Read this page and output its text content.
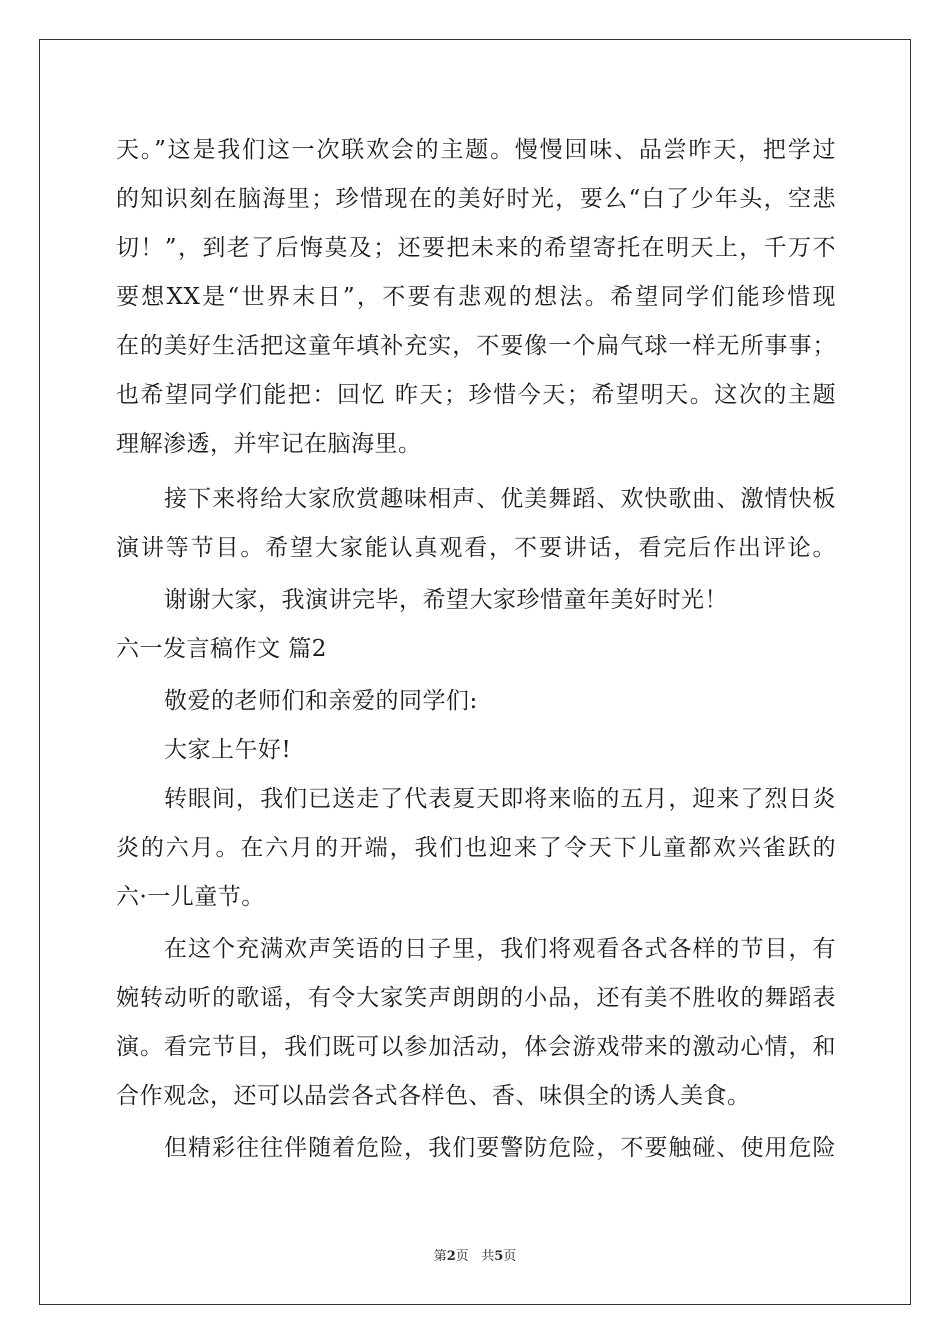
天。”这是我们这一次联欢会的主题。慢慢回味、品尝昨天，把学过
的知识刻在脑海里；珍惜现在的美好时光，要么“白了少年头，空悲
切！”，到老了后悔莫及；还要把未来的希望寄托在明天上，千万不
要想XX是“世界末日”，不要有悲观的想法。希望同学们能珍惜现
在的美好生活把这童年填补充实，不要像一个扁气球一样无所事事；
也希望同学们能把：回忆 昨天；珍惜今天；希望明天。这次的主题
理解渗透，并牢记在脑海里。
接下来将给大家欣赏趣味相声、优美舞蹈、欢快歌曲、激情快板
演讲等节目。希望大家能认真观看，不要讲话，看完后作出评论。
谢谢大家，我演讲完毕，希望大家珍惜童年美好时光！
六一发言稿作文 篇2
敬爱的老师们和亲爱的同学们:
大家上午好!
转眼间，我们已送走了代表夏天即将来临的五月，迎来了烈日炎
炎的六月。在六月的开端，我们也迎来了令天下儿童都欢兴雀跃的
六·一儿童节。
在这个充满欢声笑语的日子里，我们将观看各式各样的节目，有
婉转动听的歌谣，有令大家笑声朗朗的小品，还有美不胜收的舞蹈表
演。看完节目，我们既可以参加活动，体会游戏带来的激动心情，和
合作观念，还可以品尝各式各样色、香、味俱全的诱人美食。
但精彩往往伴随着危险，我们要警防危险，不要触碰、使用危险
第2页 共5页
